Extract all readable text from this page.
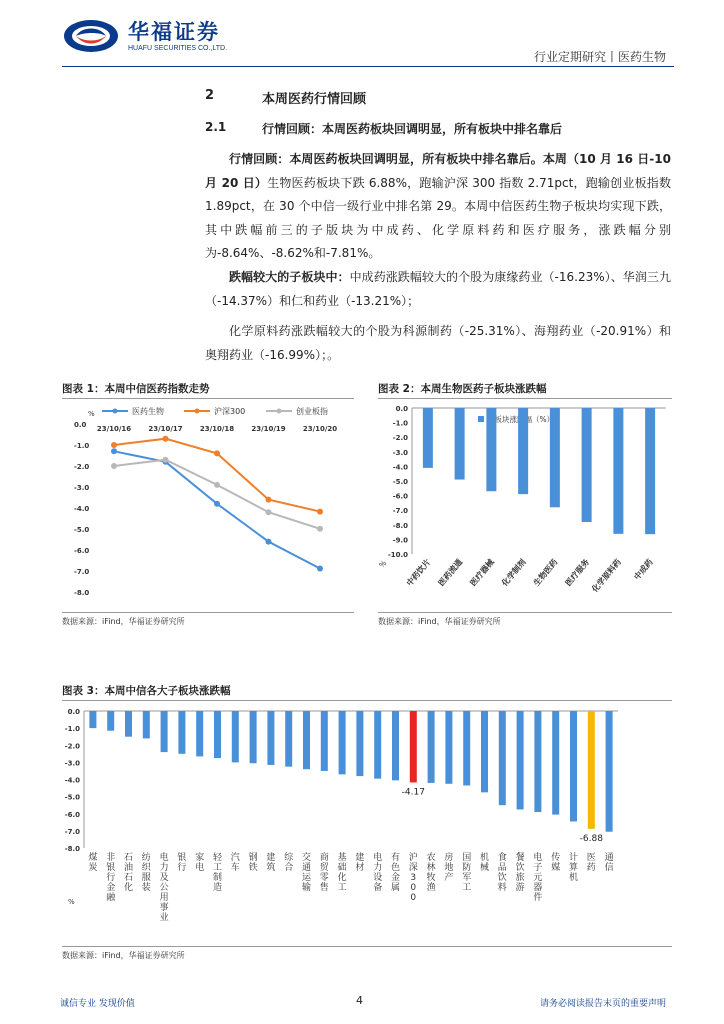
华福证券
HUAFU SECURITIES CO.,LTD.
行业定期研究丨医药生物
2	本周医药行情回顾
2.1	行情回顾：本周医药板块回调明显，所有板块中排名靠后
行情回顾：本周医药板块回调明显，所有板块中排名靠后。本周（10 月 16 日-10 月 20 日）生物医药板块下跌 6.88%，跑输沪深 300 指数 2.71pct，跑输创业板指数 1.89pct，在 30 个中信一级行业中排名第 29。本周中信医药生物子板块均实现下跌，其中跌幅前三的子版块为中成药、化学原料药和医疗服务，涨跌幅分别为-8.64%、-8.62%和-7.81%。
跌幅较大的子板块中：中成药涨跌幅较大的个股为康缘药业（-16.23%）、华润三九（-14.37%）和仁和药业（-13.21%）；
化学原料药涨跌幅较大的个股为科源制药（-25.31%）、海翔药业（-20.91%）和奥翔药业（-16.99%）；。
图表 1：本周中信医药指数走势
%
0.0
-1.0
-2.0
-3.0
-4.0
-5.0
-6.0
-7.0
-8.0
23/10/16 23/10/17 23/10/18 23/10/19 23/10/20
医药生物	沪深300	创业板指
数据来源：iFind，华福证券研究所
图表 2：本周生物医药子板块涨跌幅
0.0
-1.0
-2.0
-3.0
-4.0
-5.0
-6.0
-7.0
-8.0
-9.0
-10.0
% 中药饮片 医药流通 医疗器械 化学制剂 生物医药 医疗服务 化学原料药 中成药
数据来源：iFind，华福证券研究所
图表 3：本周中信各大子板块涨跌幅
0.0
-1.0
-2.0
-3.0
-4.0
-5.0
-6.0
-7.0
-8.0
%
煤炭
非银行金融
石油石化
纺织服装
电力及公用事业
银行
家电
轻工制造
汽车
钢铁
建筑
综合
交通运输
商贸零售
基础化工
建材
电力设备
有色金属
-4.17
沪深 3 0 0
农林牧渔
房地产
国防军工
机械
食品饮料
餐饮旅游
电子元器件
传媒
计算机
-6.88
医药
通信
数据来源：iFind，华福证券研究所
诚信专业 发现价值	4	请务必阅读报告末页的重要声明
